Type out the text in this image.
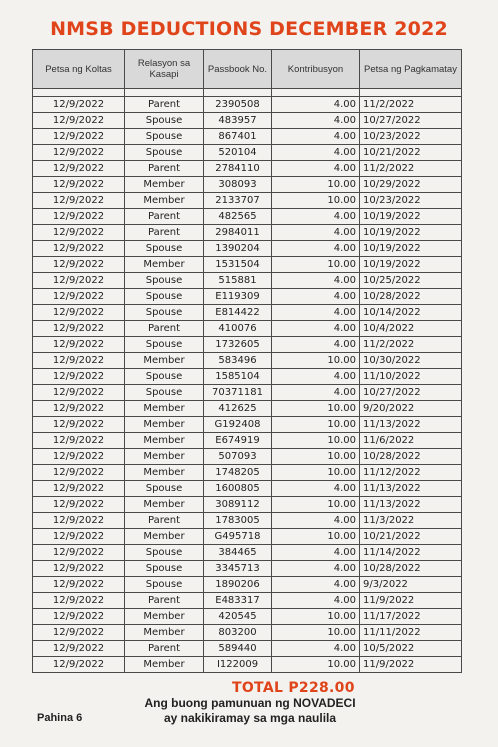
NMSB DEDUCTIONS DECEMBER 2022
Petsa ng Koltas	Relasyon sa Kasapi	Passbook No.	Kontribusyon	Petsa ng Pagkamatay

12/9/2022	Parent	2390508	4.00	11/2/2022
12/9/2022	Spouse	483957	4.00	10/27/2022
12/9/2022	Spouse	867401	4.00	10/23/2022
12/9/2022	Spouse	520104	4.00	10/21/2022
12/9/2022	Parent	2784110	4.00	11/2/2022
12/9/2022	Member	308093	10.00	10/29/2022
12/9/2022	Member	2133707	10.00	10/23/2022
12/9/2022	Parent	482565	4.00	10/19/2022
12/9/2022	Parent	2984011	4.00	10/19/2022
12/9/2022	Spouse	1390204	4.00	10/19/2022
12/9/2022	Member	1531504	10.00	10/19/2022
12/9/2022	Spouse	515881	4.00	10/25/2022
12/9/2022	Spouse	E119309	4.00	10/28/2022
12/9/2022	Spouse	E814422	4.00	10/14/2022
12/9/2022	Parent	410076	4.00	10/4/2022
12/9/2022	Spouse	1732605	4.00	11/2/2022
12/9/2022	Member	583496	10.00	10/30/2022
12/9/2022	Spouse	1585104	4.00	11/10/2022
12/9/2022	Spouse	70371181	4.00	10/27/2022
12/9/2022	Member	412625	10.00	9/20/2022
12/9/2022	Member	G192408	10.00	11/13/2022
12/9/2022	Member	E674919	10.00	11/6/2022
12/9/2022	Member	507093	10.00	10/28/2022
12/9/2022	Member	1748205	10.00	11/12/2022
12/9/2022	Spouse	1600805	4.00	11/13/2022
12/9/2022	Member	3089112	10.00	11/13/2022
12/9/2022	Parent	1783005	4.00	11/3/2022
12/9/2022	Member	G495718	10.00	10/21/2022
12/9/2022	Spouse	384465	4.00	11/14/2022
12/9/2022	Spouse	3345713	4.00	10/28/2022
12/9/2022	Spouse	1890206	4.00	9/3/2022
12/9/2022	Parent	E483317	4.00	11/9/2022
12/9/2022	Member	420545	10.00	11/17/2022
12/9/2022	Member	803200	10.00	11/11/2022
12/9/2022	Parent	589440	4.00	10/5/2022
12/9/2022	Member	I122009	10.00	11/9/2022
TOTAL P228.00
Pahina 6
Ang buong pamunuan ng NOVADECI
ay nakikiramay sa mga naulila
